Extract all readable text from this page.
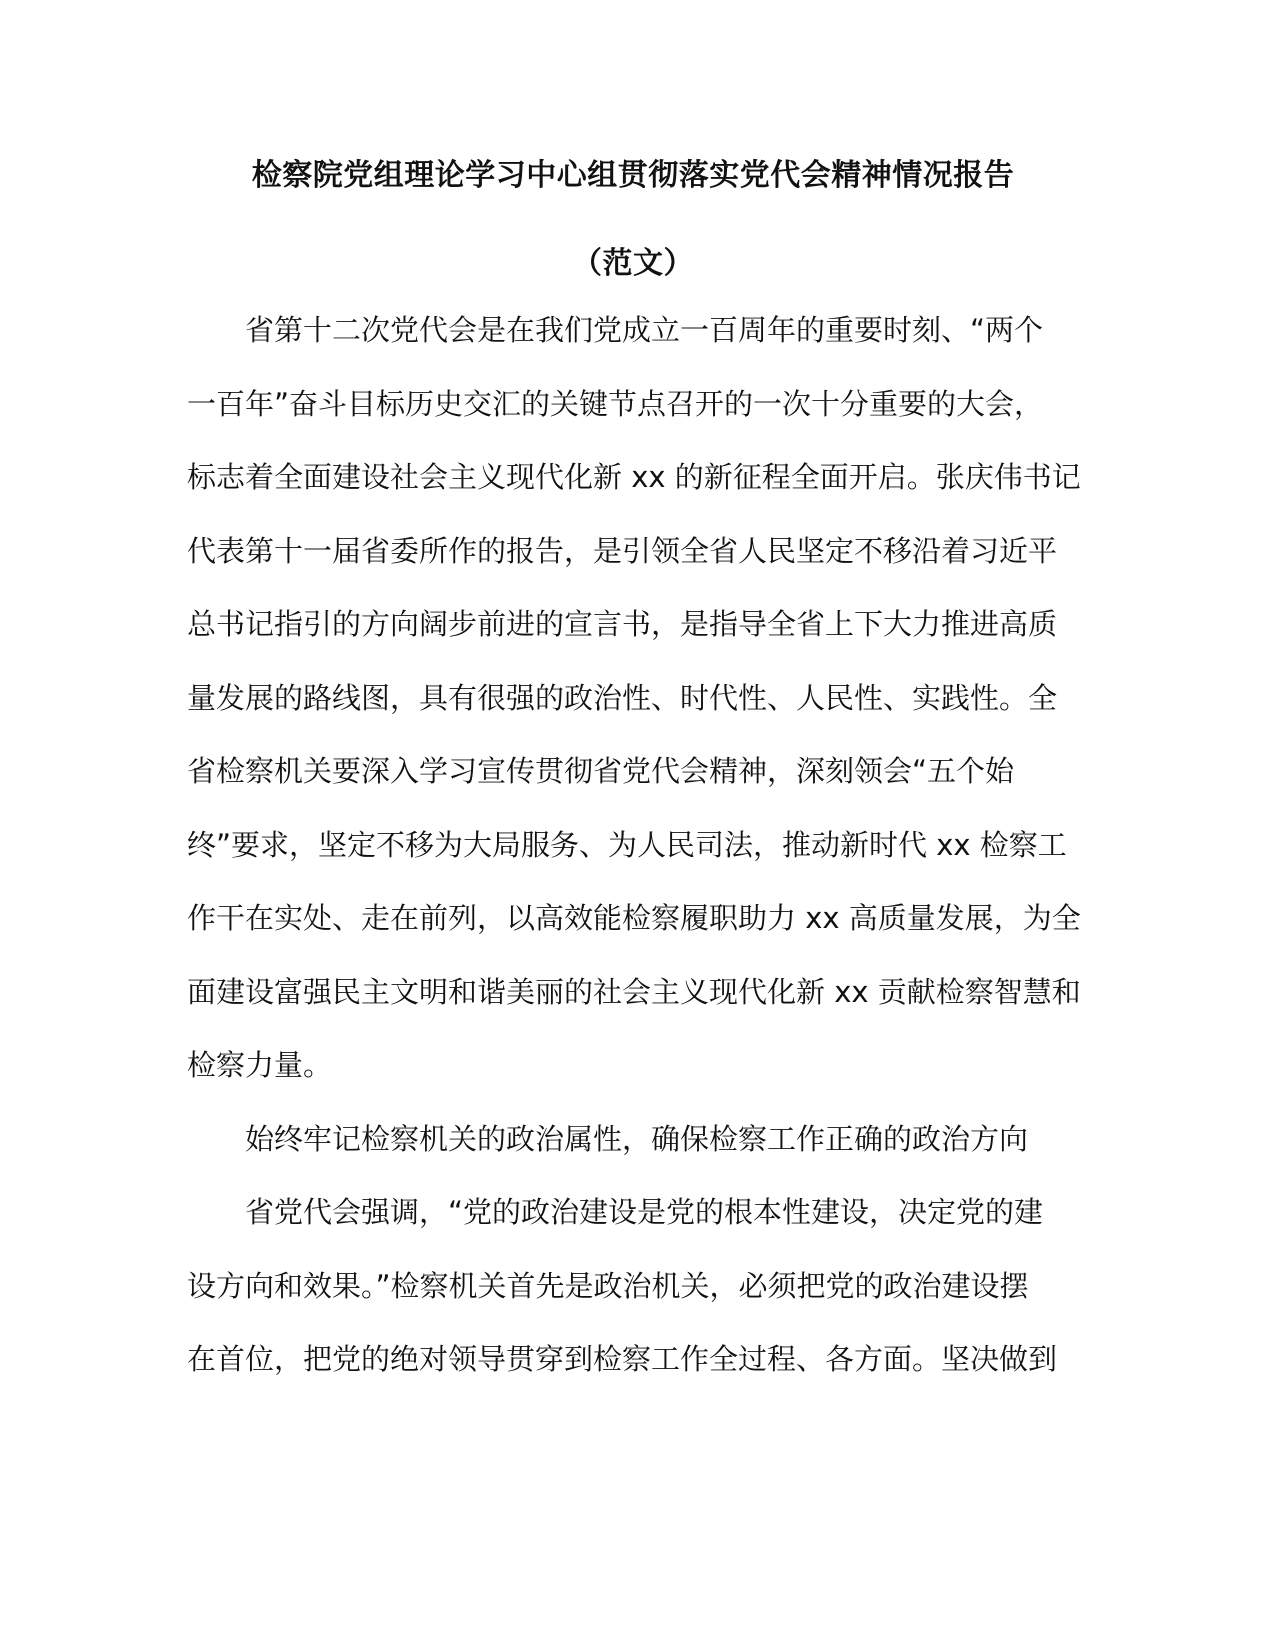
检察院党组理论学习中心组贯彻落实党代会精神情况报告
（范文）
省第十二次党代会是在我们党成立一百周年的重要时刻、“两个
一百年”奋斗目标历史交汇的关键节点召开的一次十分重要的大会，
标志着全面建设社会主义现代化新 xx 的新征程全面开启。张庆伟书记
代表第十一届省委所作的报告，是引领全省人民坚定不移沿着习近平
总书记指引的方向阔步前进的宣言书，是指导全省上下大力推进高质
量发展的路线图，具有很强的政治性、时代性、人民性、实践性。全
省检察机关要深入学习宣传贯彻省党代会精神，深刻领会“五个始
终”要求，坚定不移为大局服务、为人民司法，推动新时代 xx 检察工
作干在实处、走在前列，以高效能检察履职助力 xx 高质量发展，为全
面建设富强民主文明和谐美丽的社会主义现代化新 xx 贡献检察智慧和
检察力量。
始终牢记检察机关的政治属性，确保检察工作正确的政治方向
省党代会强调，“党的政治建设是党的根本性建设，决定党的建
设方向和效果。”检察机关首先是政治机关，必须把党的政治建设摆
在首位，把党的绝对领导贯穿到检察工作全过程、各方面。坚决做到
